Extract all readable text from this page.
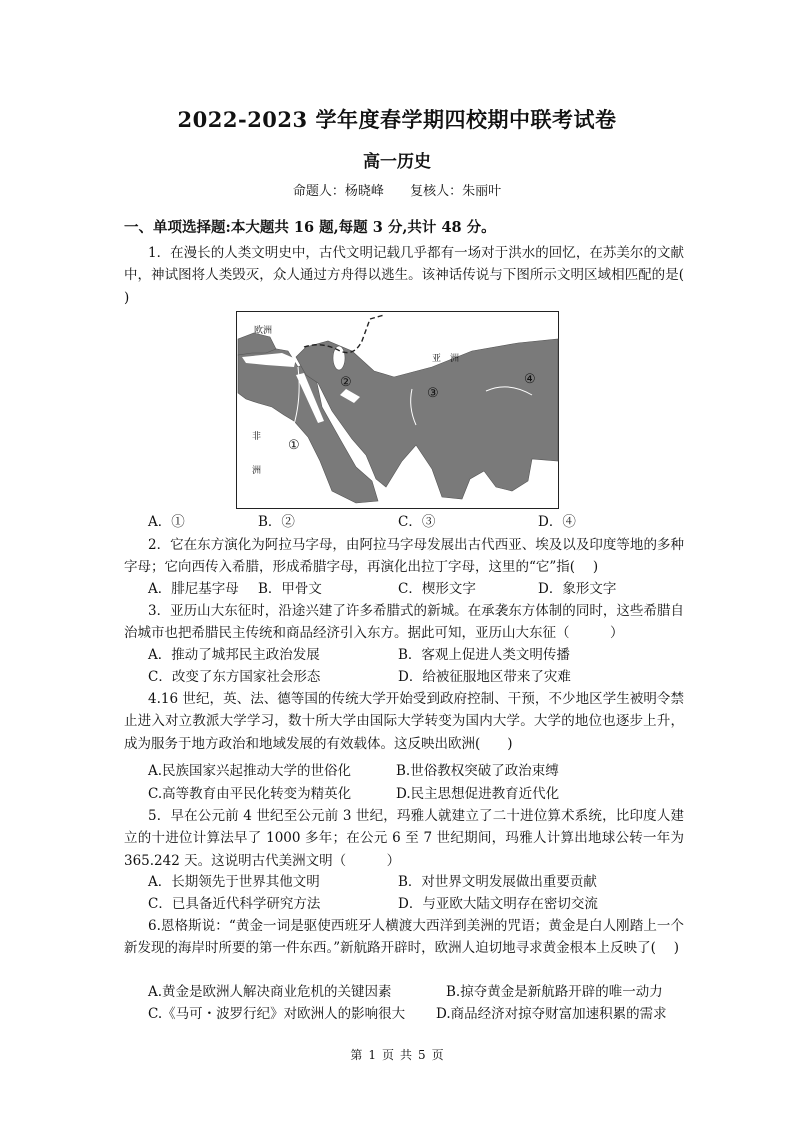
2022-2023 学年度春学期四校期中联考试卷
高一历史
命题人：杨晓峰 复核人：朱丽叶
一、单项选择题:本大题共 16 题,每题 3 分,共计 48 分。
1．在漫长的人类文明史中，古代文明记载几乎都有一场对于洪水的回忆，在苏美尔的文献中，神试图将人类毁灭，众人通过方舟得以逃生。该神话传说与下图所示文明区域相匹配的是(　 )
欧洲
亚　洲
非
洲
①
②
③
④
A．①	B．②	C．③	D．④
2．它在东方演化为阿拉马字母，由阿拉马字母发展出古代西亚、埃及以及印度等地的多种字母；它向西传入希腊，形成希腊字母，再演化出拉丁字母，这里的“它”指(　 )
A．腓尼基字母 B．甲骨文	C．楔形文字	D．象形文字
3．亚历山大东征时，沿途兴建了许多希腊式的新城。在承袭东方体制的同时，这些希腊自治城市也把希腊民主传统和商品经济引入东方。据此可知，亚历山大东征（　　　）
A．推动了城邦民主政治发展	B．客观上促进人类文明传播
C．改变了东方国家社会形态	D．给被征服地区带来了灾难
4.16 世纪，英、法、德等国的传统大学开始受到政府控制、干预，不少地区学生被明令禁止进入对立教派大学学习，数十所大学由国际大学转变为国内大学。大学的地位也逐步上升，成为服务于地方政治和地域发展的有效载体。这反映出欧洲(　　)
A.民族国家兴起推动大学的世俗化	B.世俗教权突破了政治束缚
C.高等教育由平民化转变为精英化	D.民主思想促进教育近代化
5．早在公元前 4 世纪至公元前 3 世纪，玛雅人就建立了二十进位算术系统，比印度人建立的十进位计算法早了 1000 多年；在公元 6 至 7 世纪期间，玛雅人计算出地球公转一年为 365.242 天。这说明古代美洲文明（　　　）
A．长期领先于世界其他文明	B．对世界文明发展做出重要贡献
C．已具备近代科学研究方法	D．与亚欧大陆文明存在密切交流
6.恩格斯说：“黄金一词是驱使西班牙人横渡大西洋到美洲的咒语；黄金是白人刚踏上一个新发现的海岸时所要的第一件东西。”新航路开辟时，欧洲人迫切地寻求黄金根本上反映了(　 )
A.黄金是欧洲人解决商业危机的关键因素	B.掠夺黄金是新航路开辟的唯一动力
C.《马可・波罗行纪》对欧洲人的影响很大 D.商品经济对掠夺财富加速积累的需求
第 1 页 共 5 页
